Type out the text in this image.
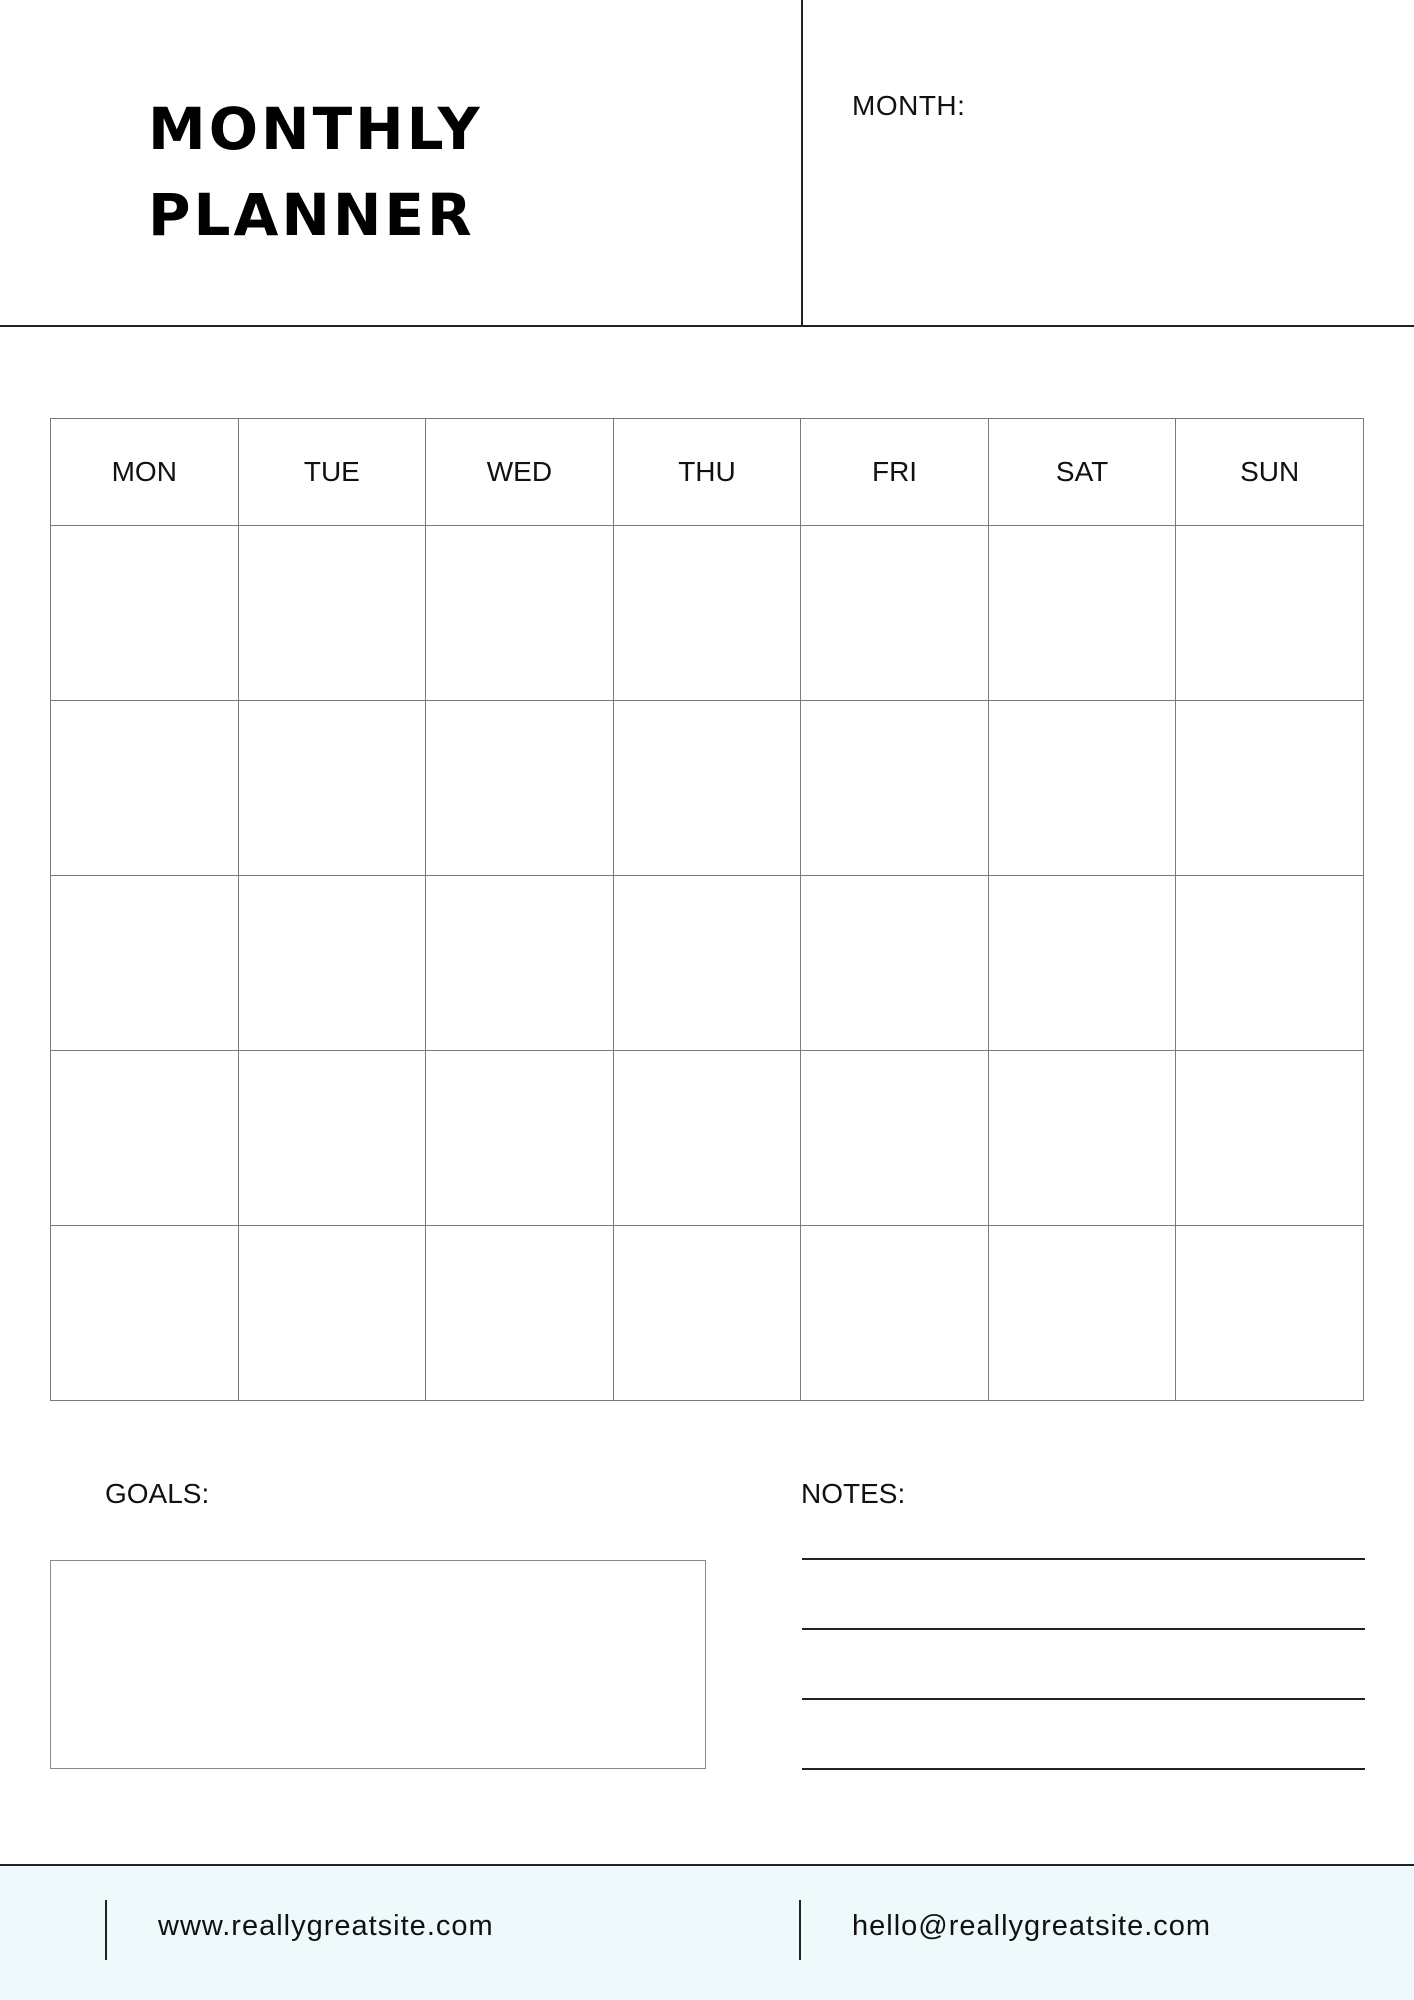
MONTHLY
PLANNER
MONTH:
MON	TUE	WED	THU	FRI	SAT	SUN

GOALS:	NOTES:
www.reallygreatsite.com	hello@reallygreatsite.com
